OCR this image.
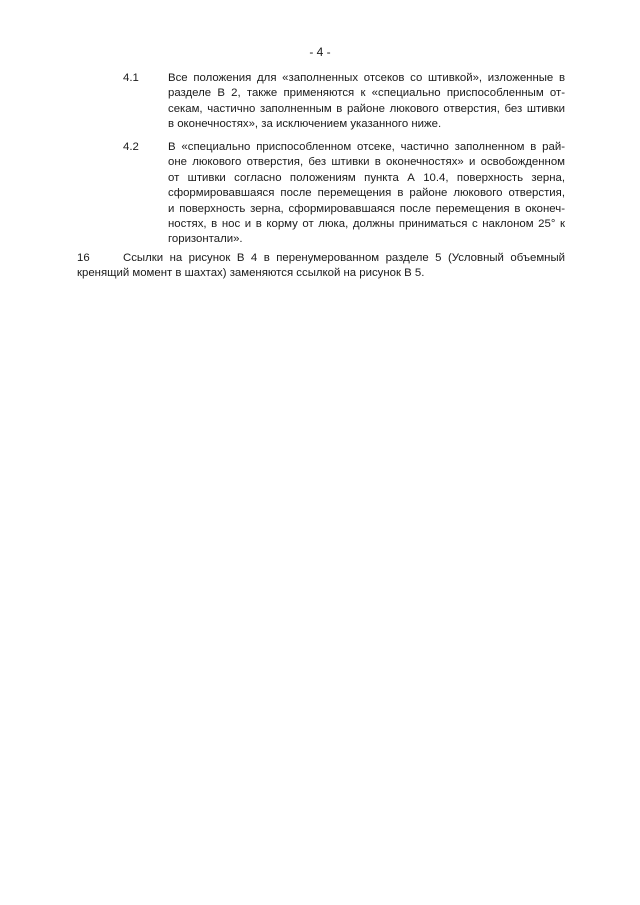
- 4 -
4.1	Все положения для «заполненных отсеков со штивкой», изложенные в
разделе В 2, также применяются к «специально приспособленным от-
секам, частично заполненным в районе люкового отверстия, без штивки
в оконечностях», за исключением указанного ниже.
4.2	В «специально приспособленном отсеке, частично заполненном в рай-
оне люкового отверстия, без штивки в оконечностях» и освобожденном
от штивки согласно положениям пункта А 10.4, поверхность зерна,
сформировавшаяся после перемещения в районе люкового отверстия,
и поверхность зерна, сформировавшаяся после перемещения в оконеч-
ностях, в нос и в корму от люка, должны приниматься с наклоном 25° к
горизонтали».
16	Ссылки на рисунок В 4 в перенумерованном разделе 5 (Условный объемный
кренящий момент в шахтах) заменяются ссылкой на рисунок В 5.
